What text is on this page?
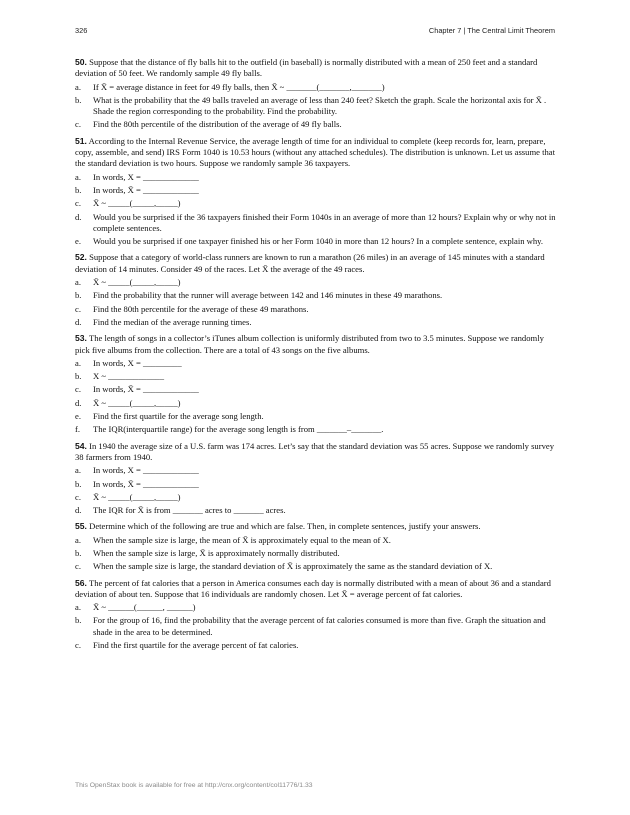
326	Chapter 7 | The Central Limit Theorem
50. Suppose that the distance of fly balls hit to the outfield (in baseball) is normally distributed with a mean of 250 feet and a standard deviation of 50 feet. We randomly sample 49 fly balls.
a. If X̄ = average distance in feet for 49 fly balls, then X̄ ~ _______(_______,_______)
b. What is the probability that the 49 balls traveled an average of less than 240 feet? Sketch the graph. Scale the horizontal axis for X̄ . Shade the region corresponding to the probability. Find the probability.
c. Find the 80th percentile of the distribution of the average of 49 fly balls.
51. According to the Internal Revenue Service, the average length of time for an individual to complete (keep records for, learn, prepare, copy, assemble, and send) IRS Form 1040 is 10.53 hours (without any attached schedules). The distribution is unknown. Let us assume that the standard deviation is two hours. Suppose we randomly sample 36 taxpayers.
a. In words, X = _____________
b. In words, X̄ = _____________
c. X̄ ~ _____(_____,_____)
d. Would you be surprised if the 36 taxpayers finished their Form 1040s in an average of more than 12 hours? Explain why or why not in complete sentences.
e. Would you be surprised if one taxpayer finished his or her Form 1040 in more than 12 hours? In a complete sentence, explain why.
52. Suppose that a category of world-class runners are known to run a marathon (26 miles) in an average of 145 minutes with a standard deviation of 14 minutes. Consider 49 of the races. Let X̄ the average of the 49 races.
a. X̄ ~ _____(_____,_____)
b. Find the probability that the runner will average between 142 and 146 minutes in these 49 marathons.
c. Find the 80th percentile for the average of these 49 marathons.
d. Find the median of the average running times.
53. The length of songs in a collector’s iTunes album collection is uniformly distributed from two to 3.5 minutes. Suppose we randomly pick five albums from the collection. There are a total of 43 songs on the five albums.
a. In words, X = _________
b. X ~ _____________
c. In words, X̄ = _____________
d. X̄ ~ _____(_____,_____)
e. Find the first quartile for the average song length.
f. The IQR(interquartile range) for the average song length is from _______–_______.
54. In 1940 the average size of a U.S. farm was 174 acres. Let’s say that the standard deviation was 55 acres. Suppose we randomly survey 38 farmers from 1940.
a. In words, X = _____________
b. In words, X̄ = _____________
c. X̄ ~ _____(_____,_____)
d. The IQR for X̄ is from _______ acres to _______ acres.
55. Determine which of the following are true and which are false. Then, in complete sentences, justify your answers.
a. When the sample size is large, the mean of X̄ is approximately equal to the mean of X.
b. When the sample size is large, X̄ is approximately normally distributed.
c. When the sample size is large, the standard deviation of X̄ is approximately the same as the standard deviation of X.
56. The percent of fat calories that a person in America consumes each day is normally distributed with a mean of about 36 and a standard deviation of about ten. Suppose that 16 individuals are randomly chosen. Let X̄ = average percent of fat calories.
a. X̄ ~ ______(______, ______)
b. For the group of 16, find the probability that the average percent of fat calories consumed is more than five. Graph the situation and shade in the area to be determined.
c. Find the first quartile for the average percent of fat calories.
This OpenStax book is available for free at http://cnx.org/content/col11776/1.33
